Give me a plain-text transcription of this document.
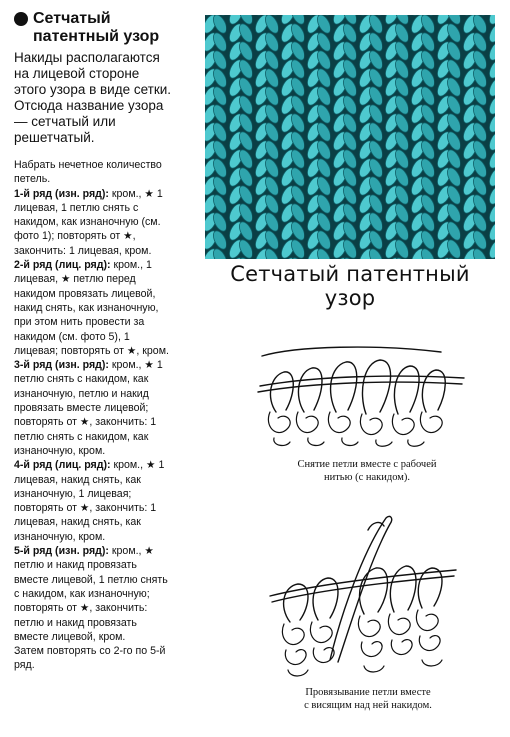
Сетчатый
патентный узор

Накиды располагаются на лицевой стороне этого узора в виде сетки. Отсюда название узора — сетчатый или решетчатый.

Набрать нечетное количество петель.

1-й ряд (изн. ряд): кром., ★ 1 лицевая, 1 петлю снять с накидом, как изнаночную (см. фото 1); повторять от ★, закончить: 1 лицевая, кром.

2-й ряд (лиц. ряд): кром., 1 лицевая, ★ петлю перед накидом провязать лицевой, накид снять, как изнаночную, при этом нить провести за накидом (см. фото 5), 1 лицевая; повторять от ★, кром.

3-й ряд (изн. ряд): кром., ★ 1 петлю снять с накидом, как изнаночную, петлю и накид провязать вместе лицевой; повторять от ★, закончить: 1 петлю снять с накидом, как изнаночную, кром.

4-й ряд (лиц. ряд): кром., ★ 1 лицевая, накид снять, как изнаночную, 1 лицевая; повторять от ★, закончить: 1 лицевая, накид снять, как изнаночную, кром.

5-й ряд (изн. ряд): кром., ★ петлю и накид провязать вместе лицевой, 1 петлю снять с накидом, как изнаночную; повторять от ★, закончить: петлю и накид провязать вместе лицевой, кром.

Затем повторять со 2-го по 5-й ряд.

Сетчатый патентный
узор
Снятие петли вместе с рабочей
нитью (с накидом).
Провязывание петли вместе
с висящим над ней накидом.
